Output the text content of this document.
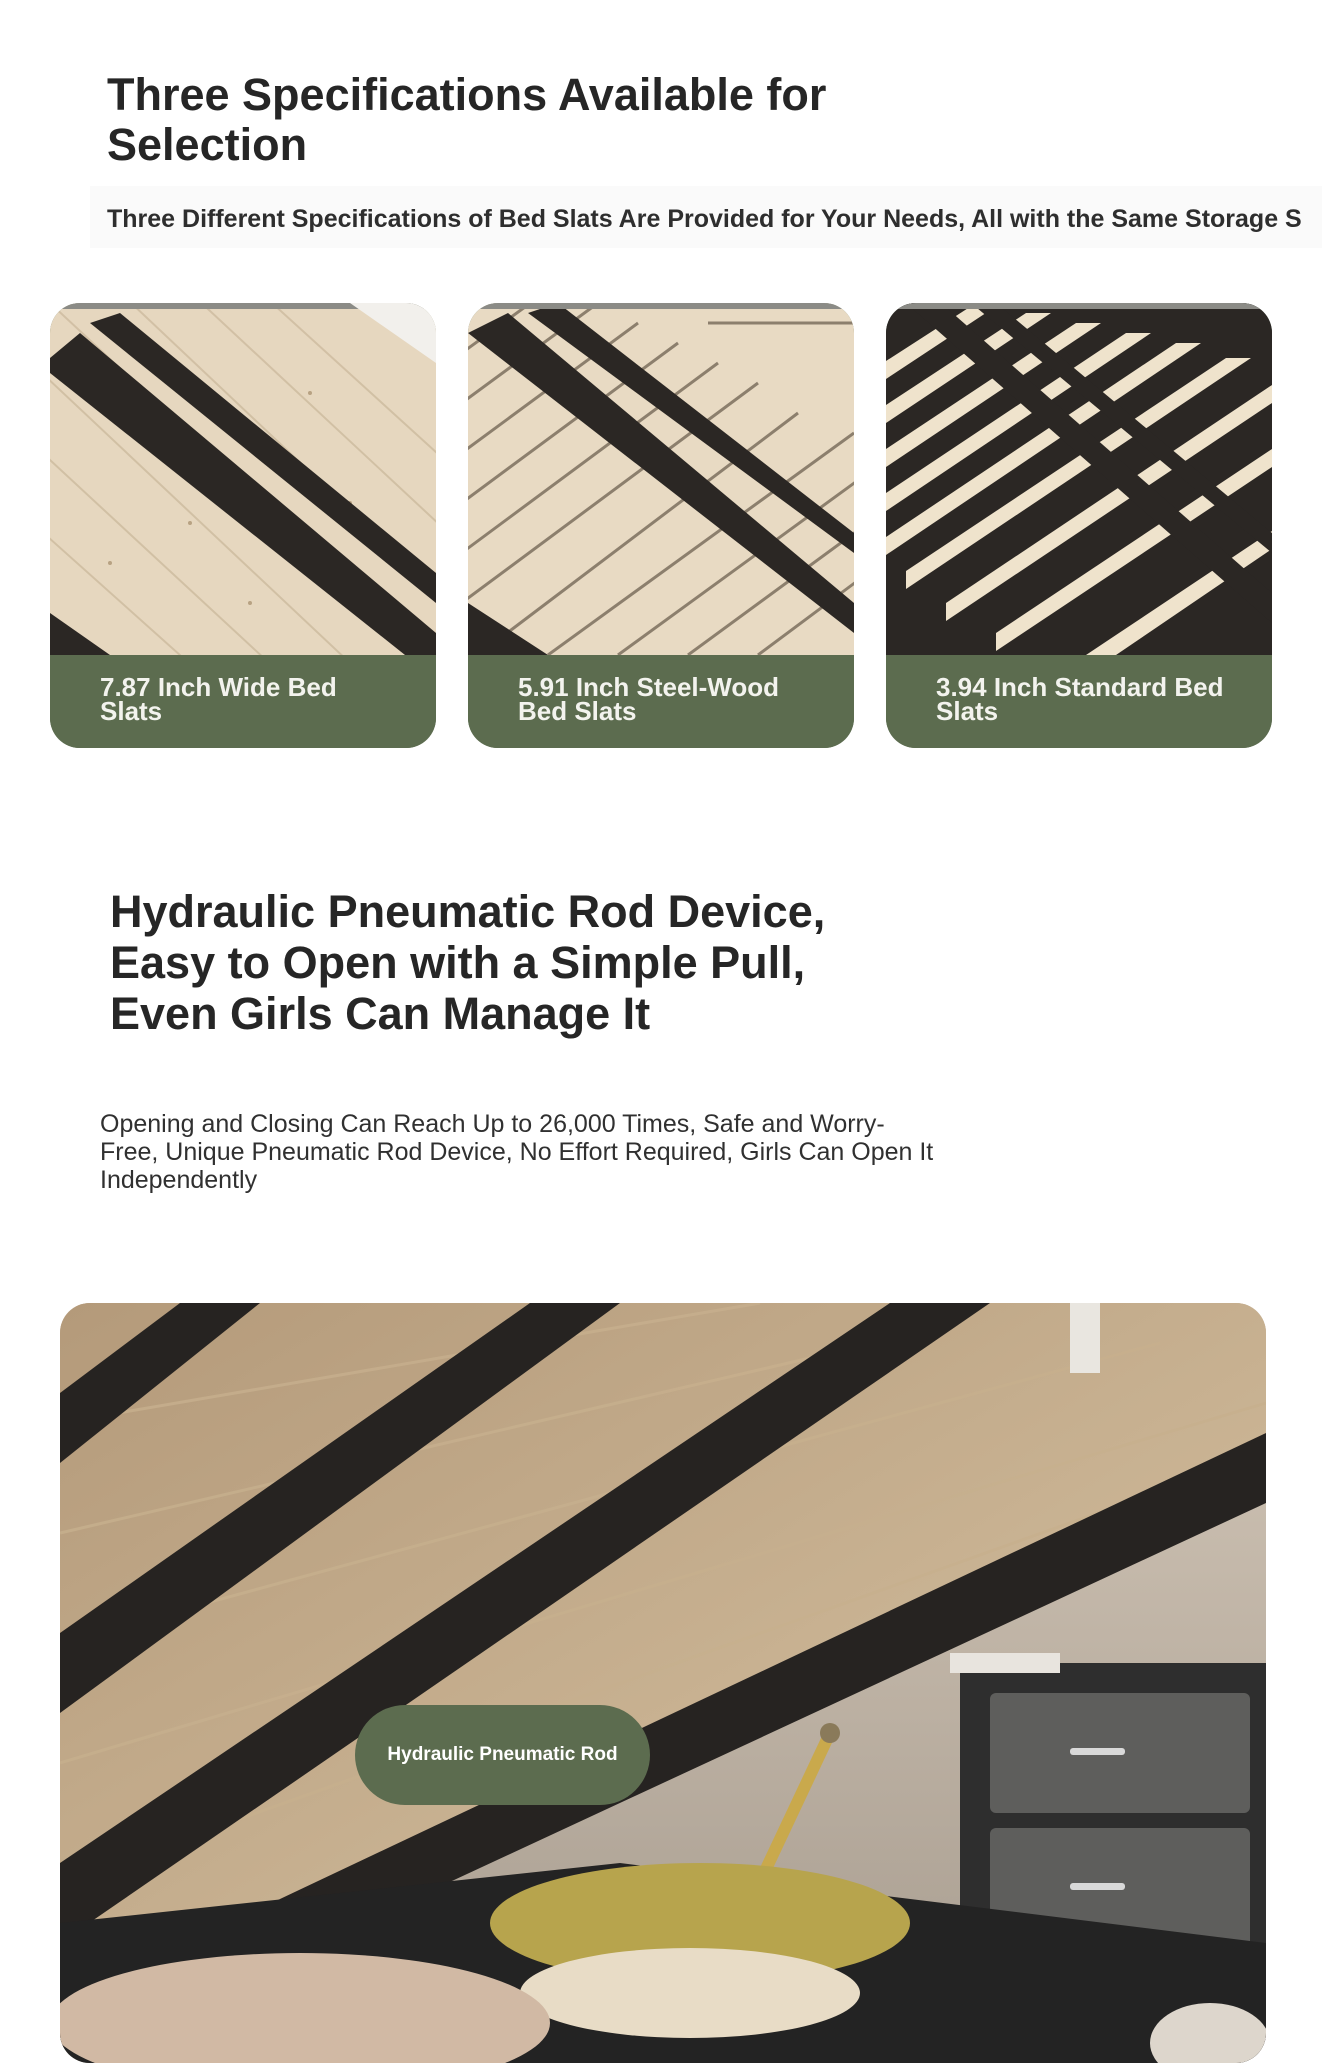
Three Specifications Available for Selection
Three Different Specifications of Bed Slats Are Provided for Your Needs, All with the Same Storage S
7.87 Inch Wide Bed Slats
5.91 Inch Steel-Wood Bed Slats
3.94 Inch Standard Bed Slats
Hydraulic Pneumatic Rod Device, Easy to Open with a Simple Pull, Even Girls Can Manage It
Opening and Closing Can Reach Up to 26,000 Times, Safe and Worry-Free, Unique Pneumatic Rod Device, No Effort Required, Girls Can Open It Independently
Hydraulic Pneumatic Rod
